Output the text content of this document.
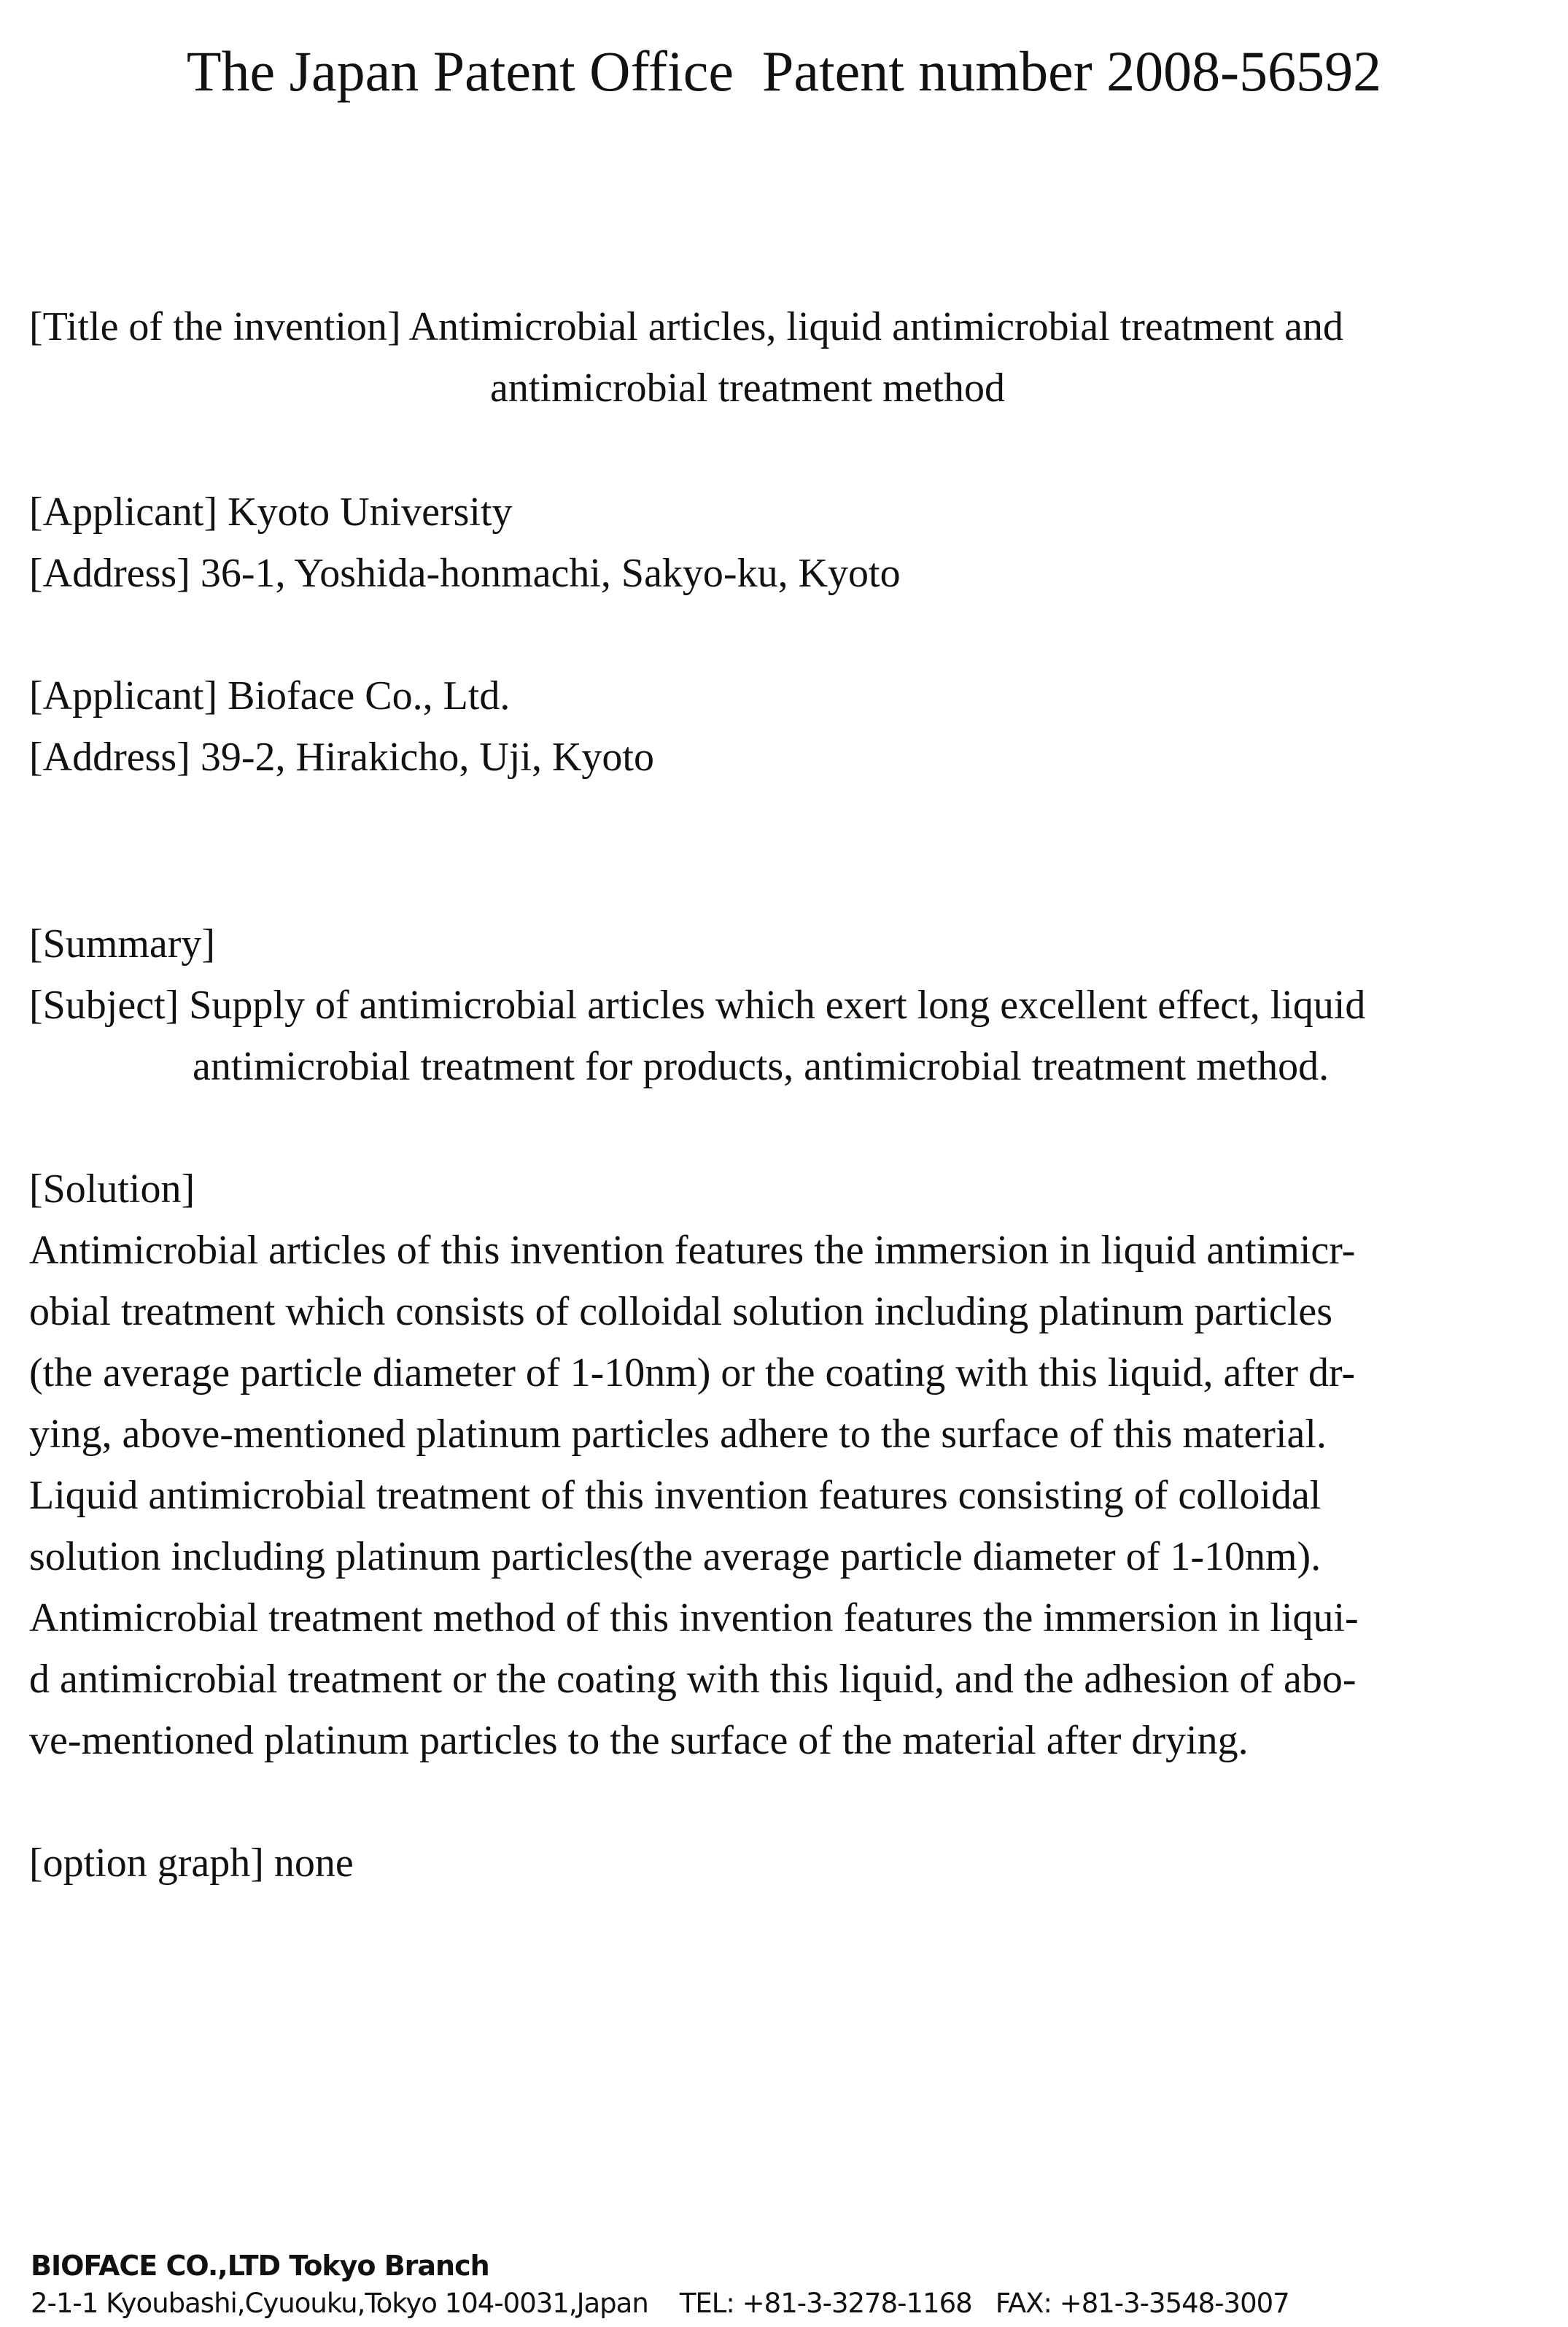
The Japan Patent Office  Patent number 2008-56592
[Title of the invention] Antimicrobial articles, liquid antimicrobial treatment and
antimicrobial treatment method
[Applicant] Kyoto University
[Address] 36-1, Yoshida-honmachi, Sakyo-ku, Kyoto
[Applicant] Bioface Co., Ltd.
[Address] 39-2, Hirakicho, Uji, Kyoto
[Summary]
[Subject] Supply of antimicrobial articles which exert long excellent effect, liquid
antimicrobial treatment for products, antimicrobial treatment method.
[Solution]
Antimicrobial articles of this invention features the immersion in liquid antimicr-
obial treatment which consists of colloidal solution including platinum particles
(the average particle diameter of 1-10nm) or the coating with this liquid, after dr-
ying, above-mentioned platinum particles adhere to the surface of this material.
Liquid antimicrobial treatment of this invention features consisting of colloidal
solution including platinum particles(the average particle diameter of 1-10nm).
Antimicrobial treatment method of this invention features the immersion in liqui-
d antimicrobial treatment or the coating with this liquid, and the adhesion of abo-
ve-mentioned platinum particles to the surface of the material after drying.
[option graph] none
BIOFACE CO.,LTD Tokyo Branch
2-1-1 Kyoubashi,Cyuouku,Tokyo 104-0031,Japan    TEL: +81-3-3278-1168   FAX: +81-3-3548-3007
